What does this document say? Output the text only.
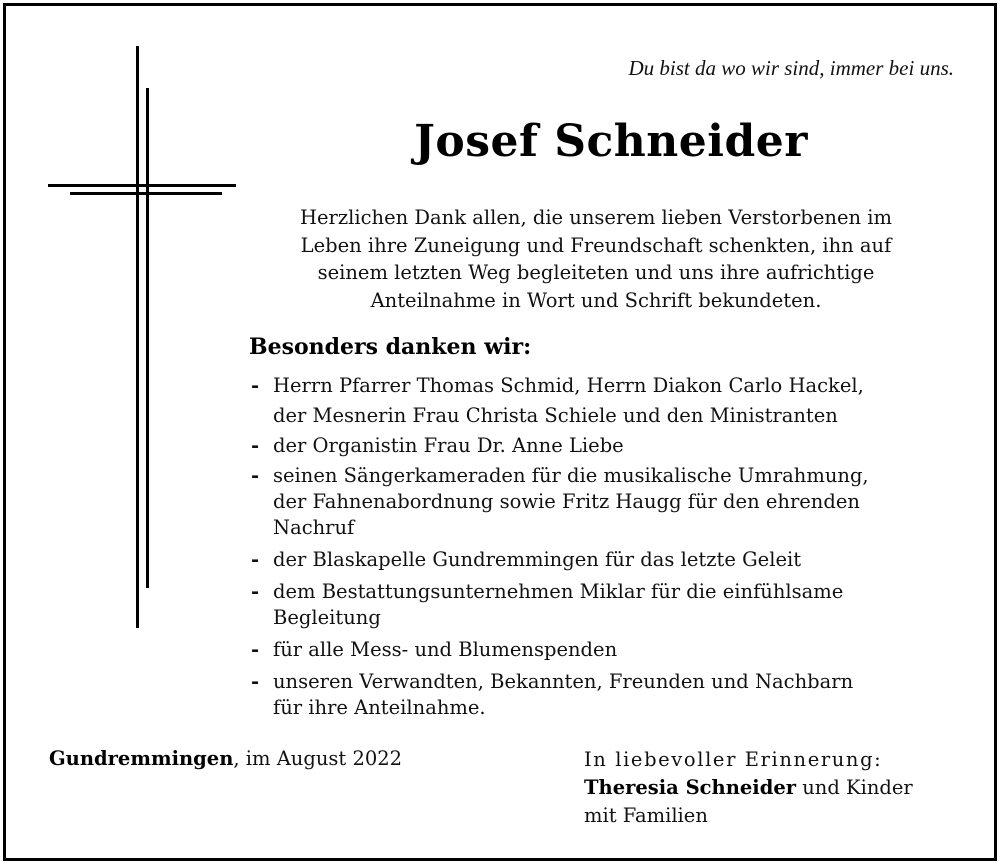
Du bist da wo wir sind, immer bei uns.
Josef Schneider
Herzlichen Dank allen, die unserem lieben Verstorbenen im
Leben ihre Zuneigung und Freundschaft schenkten, ihn auf
seinem letzten Weg begleiteten und uns ihre aufrichtige
Anteilnahme in Wort und Schrift bekundeten.
Besonders danken wir:
- Herrn Pfarrer Thomas Schmid, Herrn Diakon Carlo Hackel,
der Mesnerin Frau Christa Schiele und den Ministranten
- der Organistin Frau Dr. Anne Liebe
- seinen Sängerkameraden für die musikalische Umrahmung,
der Fahnenabordnung sowie Fritz Haugg für den ehrenden
Nachruf
- der Blaskapelle Gundremmingen für das letzte Geleit
- dem Bestattungsunternehmen Miklar für die einfühlsame
Begleitung
- für alle Mess- und Blumenspenden
- unseren Verwandten, Bekannten, Freunden und Nachbarn
für ihre Anteilnahme.
Gundremmingen, im August 2022	In liebevoller Erinnerung:
Theresia Schneider und Kinder
mit Familien
